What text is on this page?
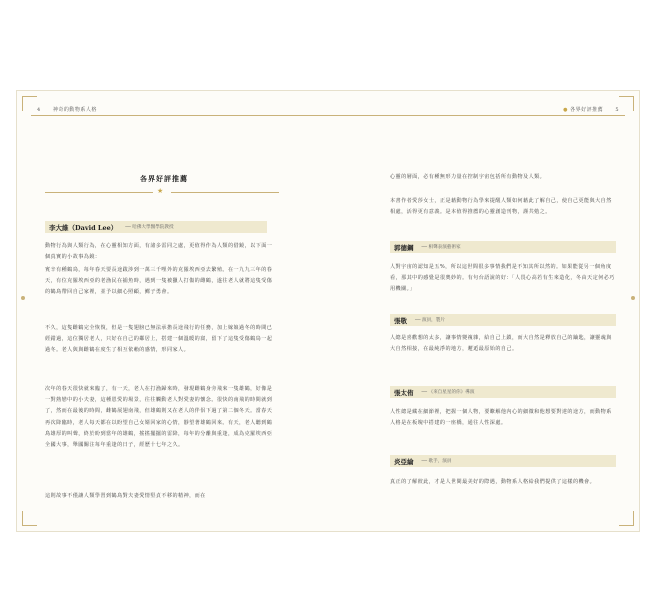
4 神奇的動物系人格
各界好評推薦
★
李大維（David Lee）	── 哈佛大學醫學院教授

動物行為與人類行為，在心靈相知方面，有諸多雷同之處，更值得作為人類的借鏡，以下面一個真實的小故事為鏡：

賓辛有種鶴鳥，每年春天要長途跋涉到一萬三千哩外的克羅埃西亞去繁殖。在一九九三年的春天，有位克羅埃西亞的老漁民在捕魚時，遇到一隻被獵人打傷的雌鶴，遂往老人就將這隻受傷的鶴鳥帶回自己家裡，並予以細心照顧，鰥子勇會。

不久，這隻雌鶴完全恢復，但是一隻翅膀已無法承擔長途飛行的任務，加上嫁娘過冬的時間已經錯過，這位獨居老人，只好在自己的鄰居上，搭建一個溫暖的窩，留下了這隻受傷鶴鳥一起過冬。老人與與雌鶴在度生了相互依賴的感情，形同家人。

次年的春天很快就來臨了，有一天，老人在打漁歸來時，發現雌鶴身旁飛來一隻雄鶴，好像是一對熱戀中的小夫妻，這種恩愛的場景，往往觸動老人對愛妻的懷念。很快的南飛的時間就到了，然而在最後的時間，雌鶴展翅南飛，但雄鶴則又在老人的伴侶下過了第二個冬天。當春天再次降臨時，老人每天都在以盼望自己女婿回家的心情，靜望著雄鶴回來。有天，老人聽到鶴鳥雄厚的叫聲，終於盼到當年的雄鶴，搖搖擺擺的雷降，每年的分離與重逢，成為克羅埃西亞全國大事，舉國關注每年重逢的日子，經歷十七年之久。

這則故事不僅讓人類學習到鶴鳥對夫妻愛情堅貞不移的精神，而在

● 各界好評推薦 5

心靈的層面，必有種無形力量在控制宇宙包括所有動物及人類。

本書作者愛莎女士，正是藉動物行為學來提醒人類如何藉此了解自己，使自己更能與大自然相處，活得更有意義。是本值得推薦的心靈創造刊物，謹共勉之。

郭德鋼	── 相聲表演藝術家

人對宇宙的認知是五%，所以這世間很多事情我們是不知其所以然的。如果能從另一個角度看，那其中的感覺是很奧妙的。有句台語說的好：「人畏心高若有生來造化，冬由天定何必巧用機關。」

張敬	── 演員，製片

人總是喜歡想的太多，讓事情變複雜，給自己上鎖，而大自然是釋放自己的鑰匙，讓靈魂與大自然相接，在最純淨的地方，邂逅最原始的自己。

張太侑	── 《來自星星的你》導演

人性總是藏在細節裡，把握一個人物，要瞭解他內心的細微和他想要對達的途方，而動物系人格是在板塊中搭建的一座橋，通往人性深處。

炎亞綸	── 歌手，演員

真正的了解彼此，才是人世間最美好的際遇，動物系人格給我們提供了這樣的機會。
